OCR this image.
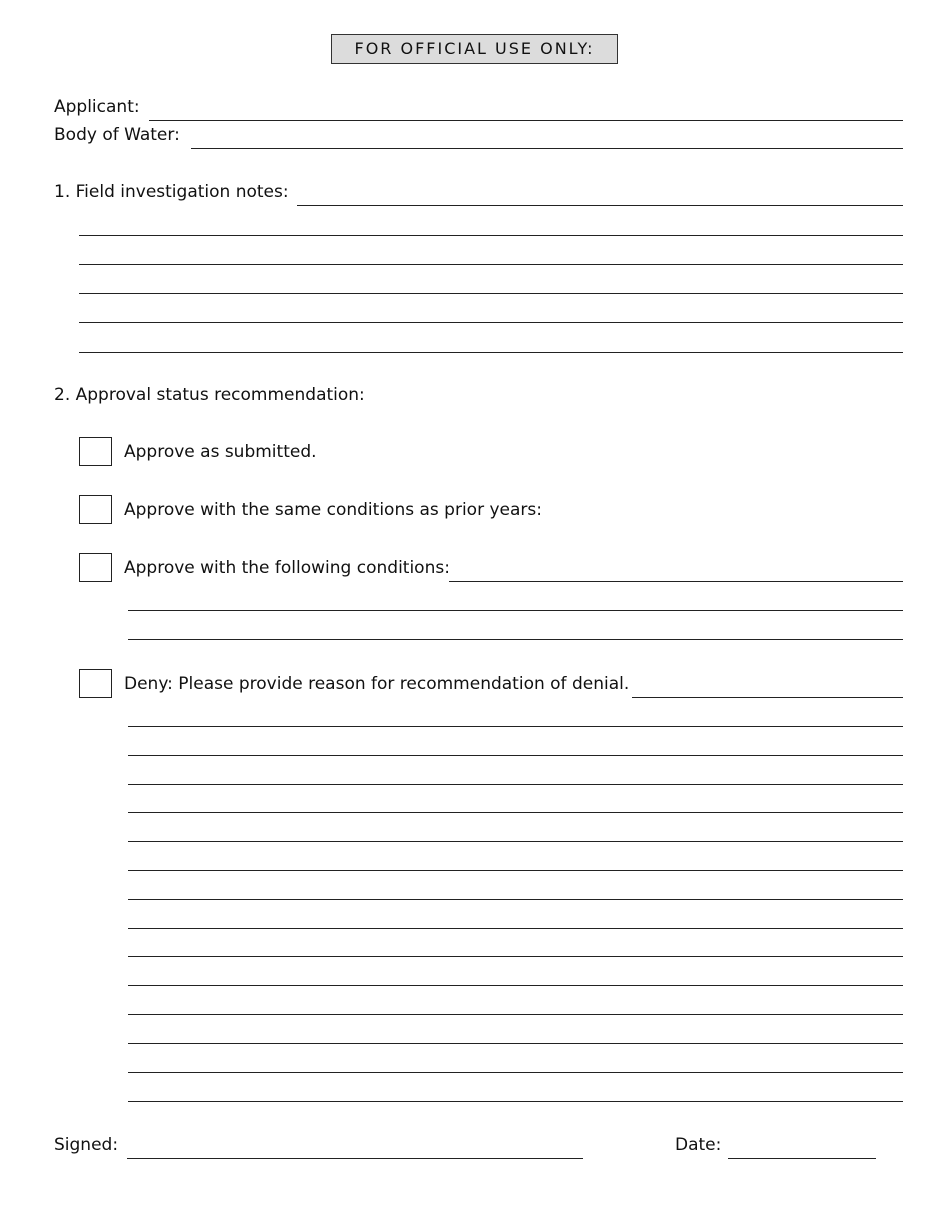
FOR OFFICIAL USE ONLY:
Applicant:
Body of Water:
1. Field investigation notes:
2. Approval status recommendation:
Approve as submitted.
Approve with the same conditions as prior years:
Approve with the following conditions:
Deny: Please provide reason for recommendation of denial.
Signed:	Date:
